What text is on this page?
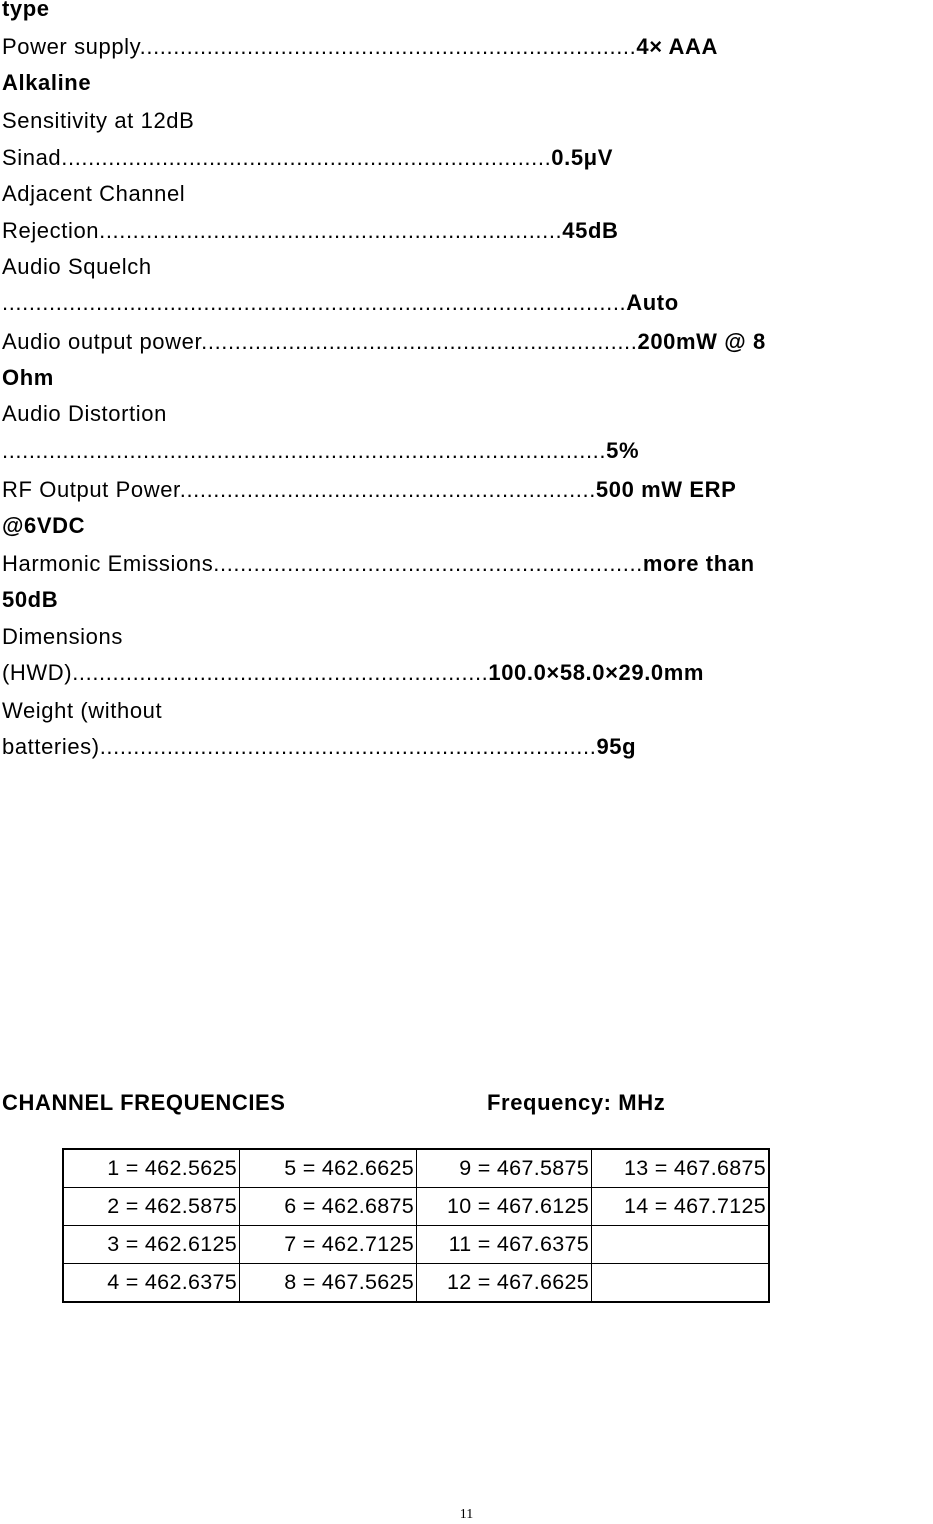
type
Power supply..........................................................................4× AAA
Alkaline
Sensitivity at 12dB
Sinad.........................................................................0.5μV
Adjacent Channel
Rejection.....................................................................45dB
Audio Squelch
.............................................................................................Auto
Audio output power.................................................................200mW @ 8
Ohm
Audio Distortion
..........................................................................................5%
RF Output Power..............................................................500 mW ERP
@6VDC
Harmonic Emissions................................................................more than
50dB
Dimensions
(HWD)..............................................................100.0×58.0×29.0mm
Weight (without
batteries)..........................................................................95g
CHANNEL FREQUENCIES	Frequency: MHz
1 = 462.5625	5 = 462.6625	9 = 467.5875	13 = 467.6875
2 = 462.5875	6 = 462.6875	10 = 467.6125	14 = 467.7125
3 = 462.6125	7 = 462.7125	11 = 467.6375	
4 = 462.6375	8 = 467.5625	12 = 467.6625	
11
